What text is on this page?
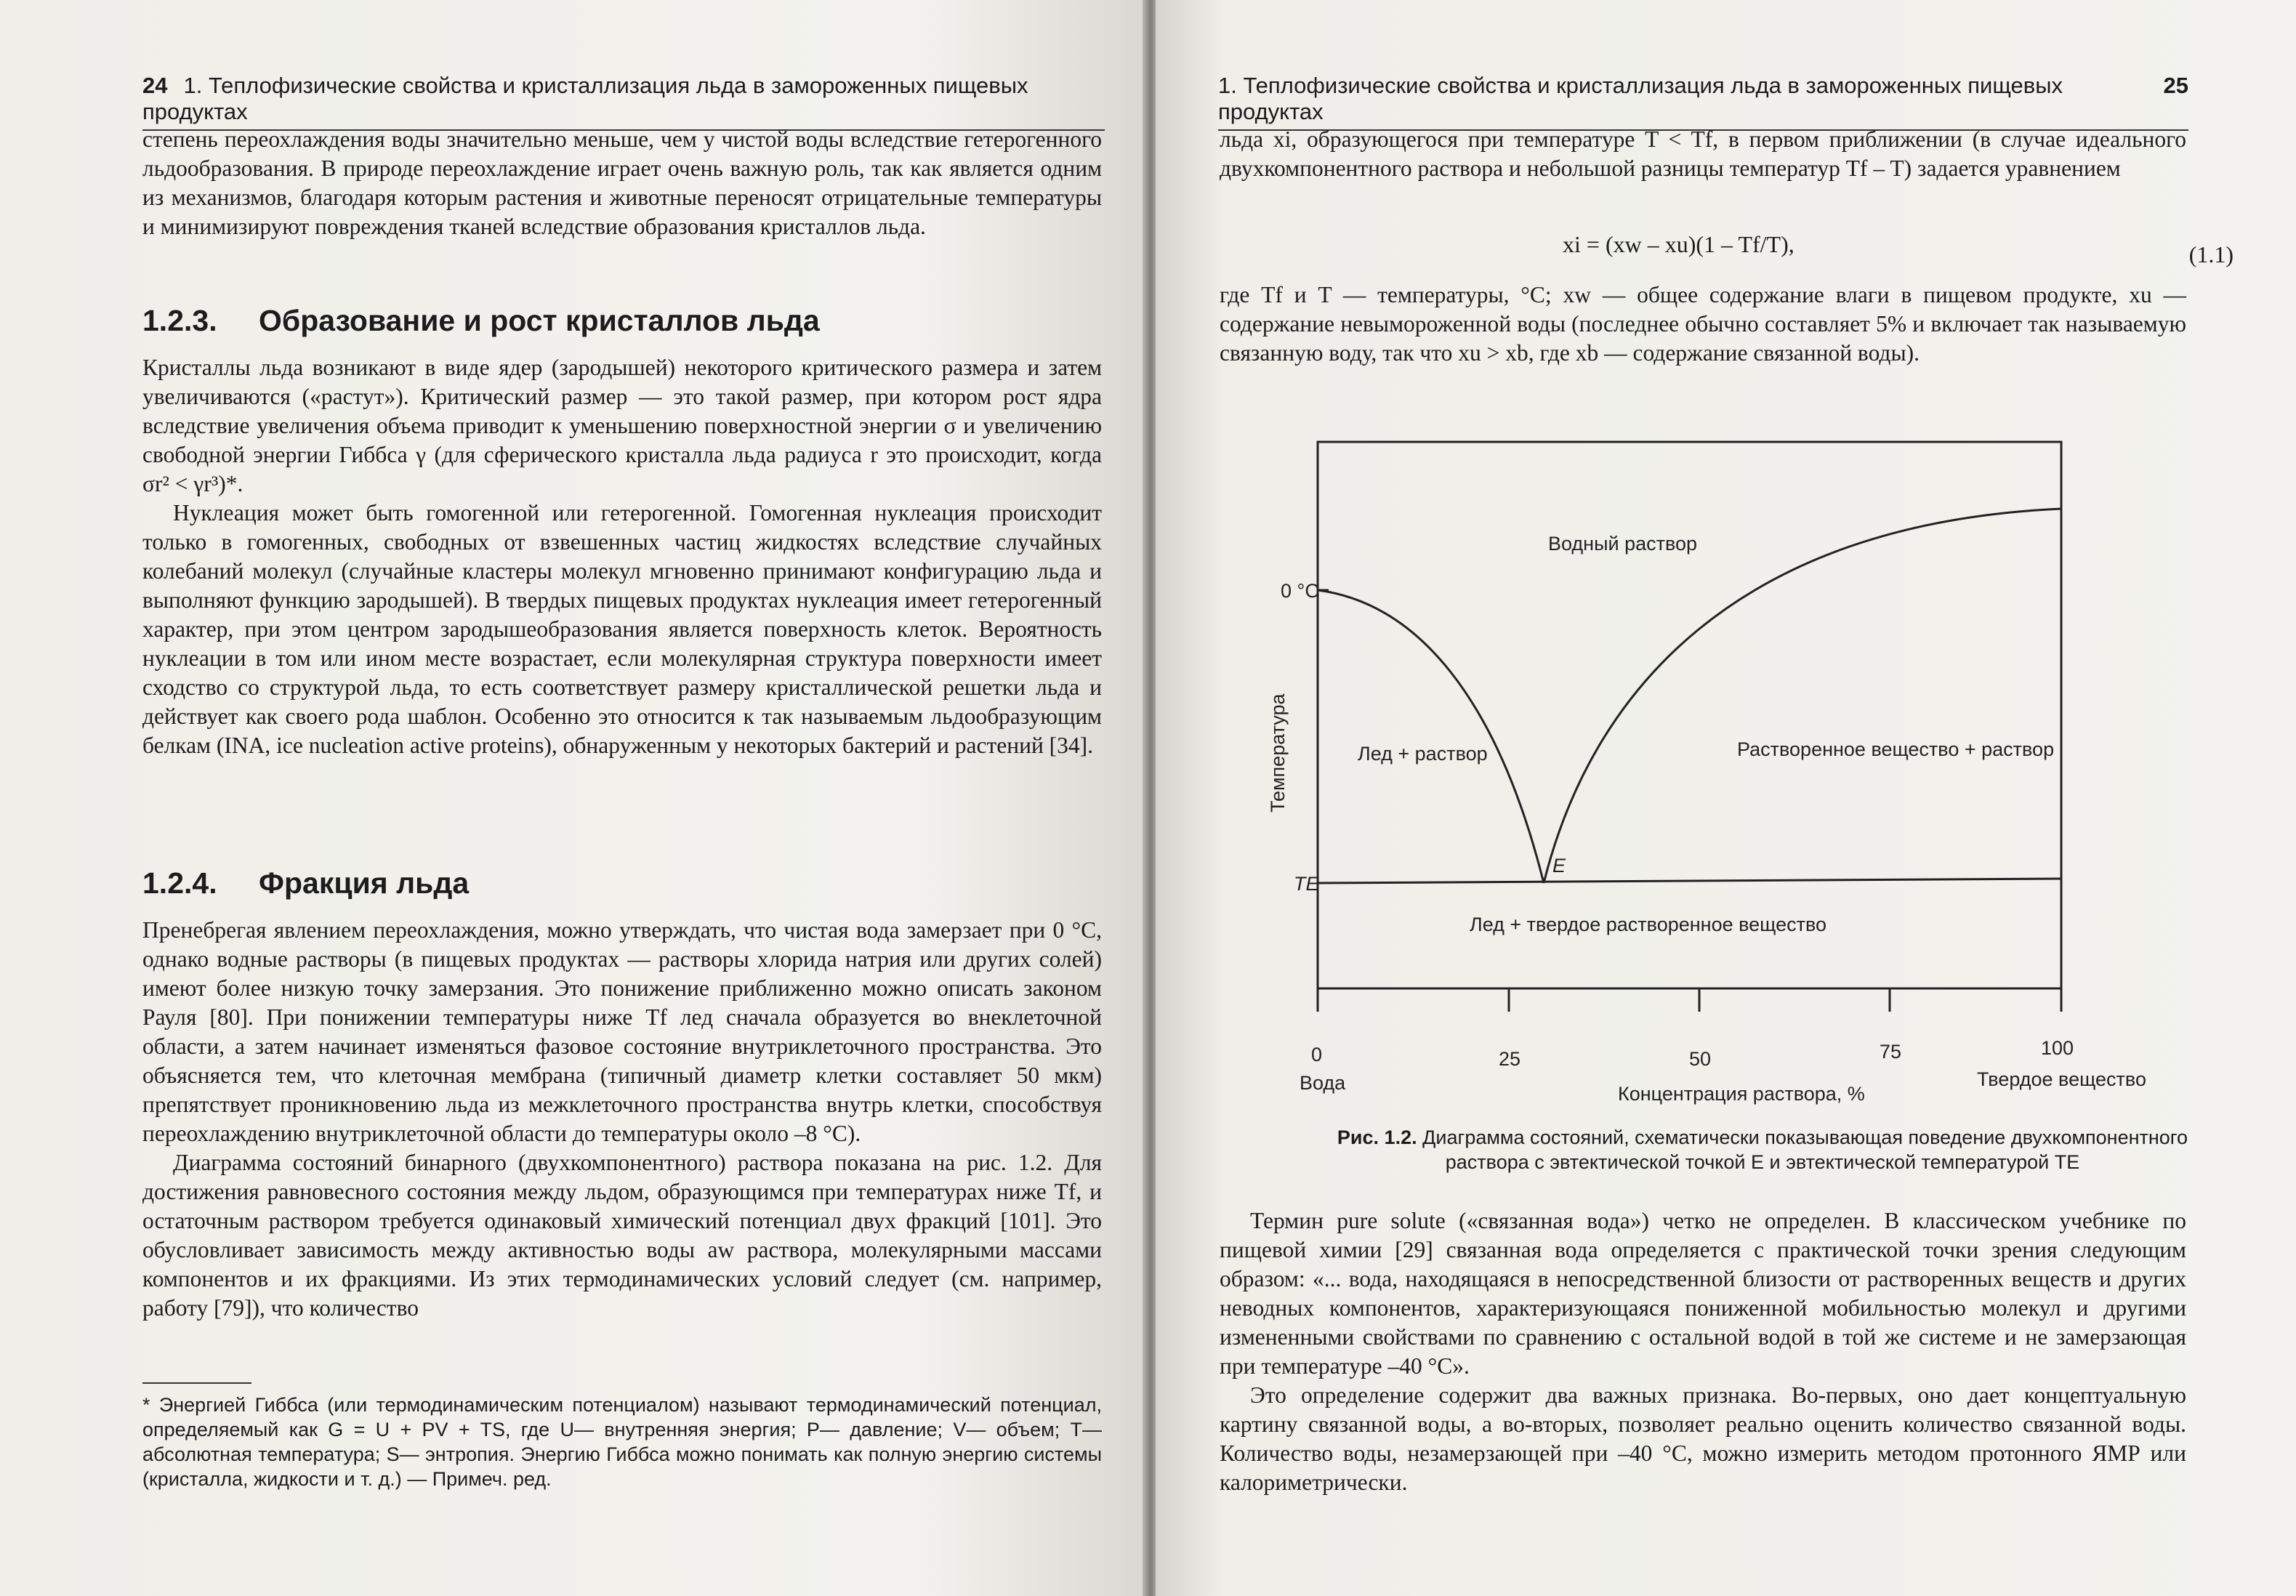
24 1. Теплофизические свойства и кристаллизация льда в замороженных пищевых продуктах

степень переохлаждения воды значительно меньше, чем у чистой воды вследствие гетерогенного льдообразования. В природе переохлаждение играет очень важную роль, так как является одним из механизмов, благодаря которым растения и животные переносят отрицательные температуры и минимизируют повреждения тканей вследствие образования кристаллов льда.

1.2.3. Образование и рост кристаллов льда

Кристаллы льда возникают в виде ядер (зародышей) некоторого критического размера и затем увеличиваются («растут»). Критический размер — это такой размер, при котором рост ядра вследствие увеличения объема приводит к уменьшению поверхностной энергии σ и увеличению свободной энергии Гиббса γ (для сферического кристалла льда радиуса r это происходит, когда σr² < γr³)*.

Нуклеация может быть гомогенной или гетерогенной. Гомогенная нуклеация происходит только в гомогенных, свободных от взвешенных частиц жидкостях вследствие случайных колебаний молекул (случайные кластеры молекул мгновенно принимают конфигурацию льда и выполняют функцию зародышей). В твердых пищевых продуктах нуклеация имеет гетерогенный характер, при этом центром зародышеобразования является поверхность клеток. Вероятность нуклеации в том или ином месте возрастает, если молекулярная структура поверхности имеет сходство со структурой льда, то есть соответствует размеру кристаллической решетки льда и действует как своего рода шаблон. Особенно это относится к так называемым льдообразующим белкам (INA, ice nucleation active proteins), обнаруженным у некоторых бактерий и растений [34].

1.2.4. Фракция льда

Пренебрегая явлением переохлаждения, можно утверждать, что чистая вода замерзает при 0 °C, однако водные растворы (в пищевых продуктах — растворы хлорида натрия или других солей) имеют более низкую точку замерзания. Это понижение приближенно можно описать законом Рауля [80]. При понижении температуры ниже Tf лед сначала образуется во внеклеточной области, а затем начинает изменяться фазовое состояние внутриклеточного пространства. Это объясняется тем, что клеточная мембрана (типичный диаметр клетки составляет 50 мкм) препятствует проникновению льда из межклеточного пространства внутрь клетки, способствуя переохлаждению внутриклеточной области до температуры около –8 °C).

Диаграмма состояний бинарного (двухкомпонентного) раствора показана на рис. 1.2. Для достижения равновесного состояния между льдом, образующимся при температурах ниже Tf, и остаточным раствором требуется одинаковый химический потенциал двух фракций [101]. Это обусловливает зависимость между активностью воды aw раствора, молекулярными массами компонентов и их фракциями. Из этих термодинамических условий следует (см. например, работу [79]), что количество

* Энергией Гиббса (или термодинамическим потенциалом) называют термодинамический потенциал, определяемый как G = U + PV + TS, где U— внутренняя энергия; P— давление; V— объем; T— абсолютная температура; S— энтропия. Энергию Гиббса можно понимать как полную энергию системы (кристалла, жидкости и т. д.) — Примеч. ред.
25
1. Теплофизические свойства и кристаллизация льда в замороженных пищевых продуктах

льда xi, образующегося при температуре T < Tf, в первом приближении (в случае идеального двухкомпонентного раствора и небольшой разницы температур Tf – T) задается уравнением

xi = (xw – xu)(1 – Tf/T),	(1.1)

где Tf и T — температуры, °C; xw — общее содержание влаги в пищевом продукте, xu — содержание невымороженной воды (последнее обычно составляет 5% и включает так называемую связанную воду, так что xu > xb, где xb — содержание связанной воды).

Водный раствор
Лед + раствор	Растворенное вещество + раствор
Лед + твердое растворенное вещество
0 °C
TE
E
Температура
0	25	50	75	100
Вода	Твердое вещество
Концентрация раствора, %
Рис. 1.2. Диаграмма состояний, схематически показывающая поведение двухкомпонентного раствора с эвтектической точкой E и эвтектической температурой TE

Термин pure solute («связанная вода») четко не определен. В классическом учебнике по пищевой химии [29] связанная вода определяется с практической точки зрения следующим образом: «... вода, находящаяся в непосредственной близости от растворенных веществ и других неводных компонентов, характеризующаяся пониженной мобильностью молекул и другими измененными свойствами по сравнению с остальной водой в той же системе и не замерзающая при температуре –40 °C».

Это определение содержит два важных признака. Во-первых, оно дает концептуальную картину связанной воды, а во-вторых, позволяет реально оценить количество связанной воды. Количество воды, незамерзающей при –40 °C, можно измерить методом протонного ЯМР или калориметрически.
